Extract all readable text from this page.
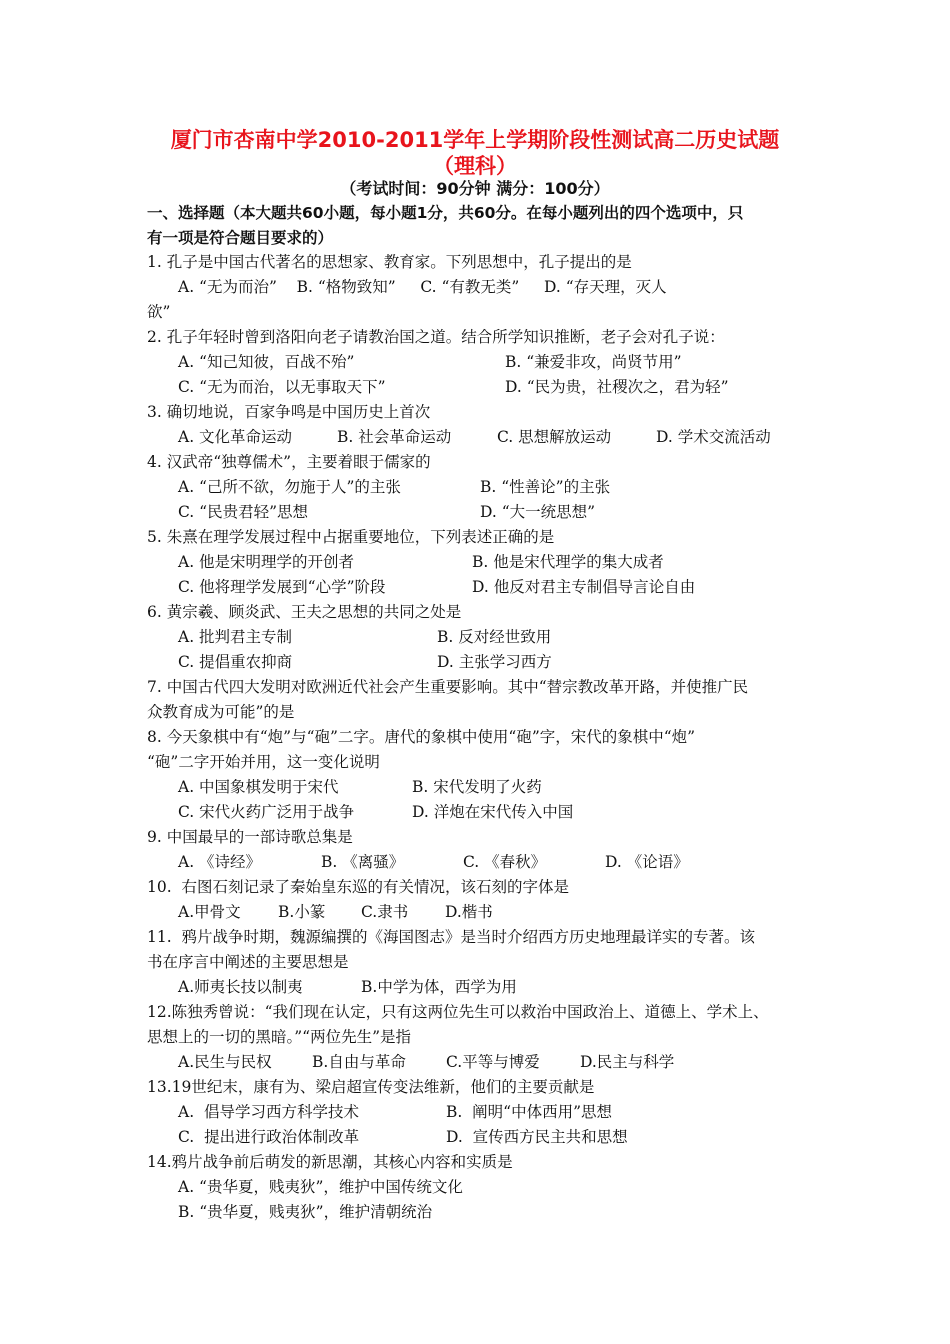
厦门市杏南中学2010-2011学年上学期阶段性测试高二历史试题
（理科）
（考试时间：90分钟 满分：100分）
一、选择题（本大题共60小题，每小题1分，共60分。在每小题列出的四个选项中，只
有一项是符合题目要求的）
1. 孔子是中国古代著名的思想家、教育家。下列思想中，孔子提出的是
A. “无为而治”    B. “格物致知”     C. “有教无类”     D. “存天理，灭人
欲”
2. 孔子年轻时曾到洛阳向老子请教治国之道。结合所学知识推断，老子会对孔子说：
A. “知己知彼，百战不殆”	B. “兼爱非攻，尚贤节用”
C. “无为而治，以无事取天下”	D. “民为贵，社稷次之，君为轻”
3. 确切地说，百家争鸣是中国历史上首次
A. 文化革命运动	B. 社会革命运动	C. 思想解放运动	D. 学术交流活动
4. 汉武帝“独尊儒术”，主要着眼于儒家的
A. “己所不欲，勿施于人”的主张	B. “性善论”的主张
C. “民贵君轻”思想	D. “大一统思想”
5. 朱熹在理学发展过程中占据重要地位，下列表述正确的是
A. 他是宋明理学的开创者	B. 他是宋代理学的集大成者
C. 他将理学发展到“心学”阶段	D. 他反对君主专制倡导言论自由
6. 黄宗羲、顾炎武、王夫之思想的共同之处是
A. 批判君主专制	B. 反对经世致用
C. 提倡重农抑商	D. 主张学习西方
7. 中国古代四大发明对欧洲近代社会产生重要影响。其中“替宗教改革开路，并使推广民
众教育成为可能”的是
8. 今天象棋中有“炮”与“砲”二字。唐代的象棋中使用“砲”字，宋代的象棋中“炮”
“砲”二字开始并用，这一变化说明
A. 中国象棋发明于宋代	B. 宋代发明了火药
C. 宋代火药广泛用于战争	D. 洋炮在宋代传入中国
9. 中国最早的一部诗歌总集是
A. 《诗经》	B. 《离骚》	C. 《春秋》	D. 《论语》
10.  右图石刻记录了秦始皇东巡的有关情况，该石刻的字体是
A.甲骨文 B.小篆 C.隶书 D.楷书
11.  鸦片战争时期，魏源编撰的《海国图志》是当时介绍西方历史地理最详实的专著。该
书在序言中阐述的主要思想是
A.师夷长技以制夷	B.中学为体，西学为用
12.陈独秀曾说：“我们现在认定，只有这两位先生可以救治中国政治上、道德上、学术上、
思想上的一切的黑暗。”“两位先生”是指
A.民生与民权	B.自由与革命	C.平等与博爱	D.民主与科学
13.19世纪末，康有为、梁启超宣传变法维新，他们的主要贡献是
A.  倡导学习西方科学技术	B.  阐明“中体西用”思想
C.  提出进行政治体制改革	D.  宣传西方民主共和思想
14.鸦片战争前后萌发的新思潮，其核心内容和实质是
A. “贵华夏，贱夷狄”，维护中国传统文化
B. “贵华夏，贱夷狄”，维护清朝统治
